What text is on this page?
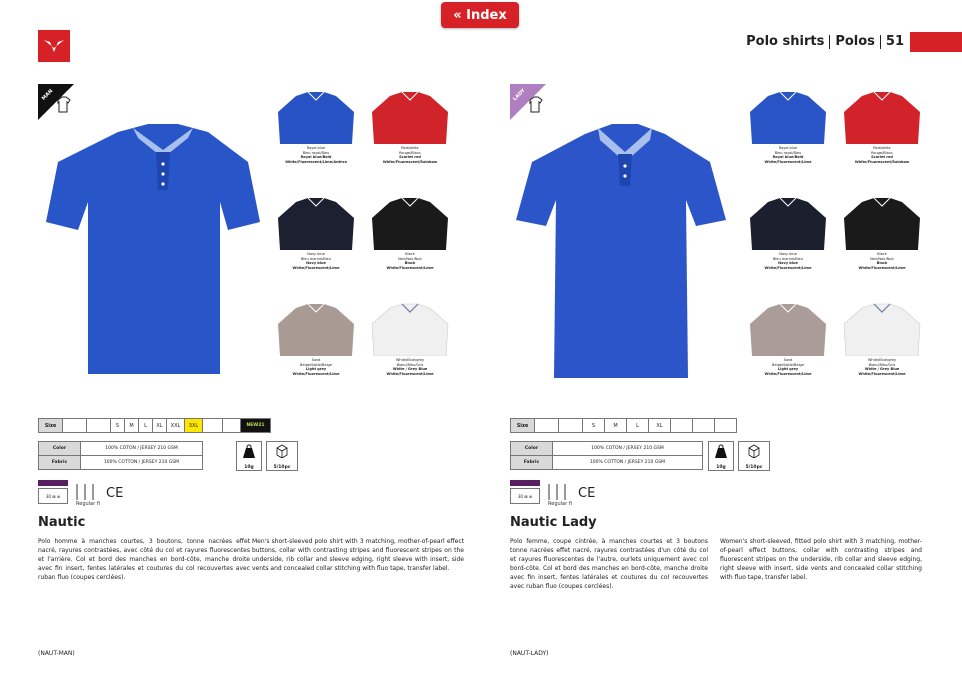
« Index
Polo shirts Polos 51
MAN
Royal blue
Bleu royal/Bleu
Royal blue/Bold
White/Fluorescent/Lime/Anthra
Red/white
Rouge/Blanc
Scarlet red
White/Fluorescent/Rainbow
Navy blue
Bleu marine/Bleu
Navy blue
White/Fluorescent/Lime
Black
Noir/Noir/Noir
Black
White/Fluorescent/Lime
Sand
Beige/Sable/Beige
Light grey
White/Fluorescent/Lime
White/Blue/grey
Blanc/Bleu/Gris
White / Grey Blue
White/Fluorescent/Lime
Size			S	M	L	XL	XXL	3XL			NEW21
Color	100% COTON / JERSEY 210 GSM
Fabric	100% COTTON / JERSEY 210 GSM
10g	5/10pc
30 ⊠ ⊗
Regular fit
CE
Nautic
Polo homme à manches courtes, 3 boutons, tonne nacrées effet nacré, rayures contrastées, avec côté du col et rayures fluorescentes et l'arrière. Col et bord des manches en bord-côte, manche droite avec fin insert, fentes latérales et coutures du col recouvertes avec ruban fluo (coupes cerclées).
Men's short-sleeved polo shirt with 3 matching, mother-of-pearl effect buttons, collar with contrasting stripes and fluorescent stripes on the underside, rib collar and sleeve edging, right sleeve with insert, side vents and concealed collar stitching with fluo tape, transfer label.
(NAUT-MAN)
LADY
Royal blue
Bleu royal/Bleu
Royal blue/Bold
White/Fluorescent/Lime
Red/white
Rouge/Blanc
Scarlet red
White/Fluorescent/Rainbow
Navy blue
Bleu marine/Bleu
Navy blue
White/Fluorescent/Lime
Black
Noir/Noir/Noir
Black
White/Fluorescent/Lime
Sand
Beige/Sable/Beige
Light grey
White/Fluorescent/Lime
White/Blue/grey
Blanc/Bleu/Gris
White / Grey Blue
White/Fluorescent/Lime
Size			S	M	L	XL			
Color	100% COTON / JERSEY 210 GSM
Fabric	100% COTTON / JERSEY 210 GSM
10g	5/10pc
30 ⊠ ⊗
Regular fit
CE
Nautic Lady
Polo femme, coupe cintrée, à manches courtes et 3 boutons tonne nacrées effet nacré, rayures contrastées d'un côté du col et rayures fluorescentes de l'autre, ourlets uniquement avec col bord-côte. Col et bord des manches en bord-côte, manche droite avec fin insert, fentes latérales et coutures du col recouvertes avec ruban fluo (coupes cerclées).
Women's short-sleeved, fitted polo shirt with 3 matching, mother-of-pearl effect buttons, collar with contrasting stripes and fluorescent stripes on the underside, rib collar and sleeve edging, right sleeve with insert, side vents and concealed collar stitching with fluo tape, transfer label.
(NAUT-LADY)
